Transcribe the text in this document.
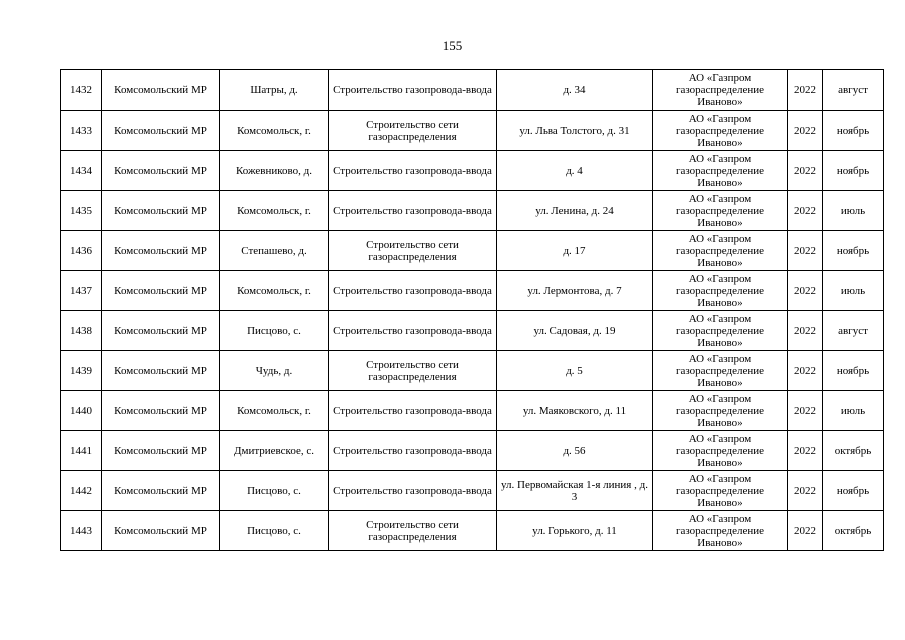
155
1432	Комсомольский МР	Шатры, д.	Строительство газопровода-ввода	д. 34	АО «Газпром газораспределение Иваново»	2022	август
1433	Комсомольский МР	Комсомольск, г.	Строительство сети газораспределения	ул. Льва Толстого, д. 31	АО «Газпром газораспределение Иваново»	2022	ноябрь
1434	Комсомольский МР	Кожевниково, д.	Строительство газопровода-ввода	д. 4	АО «Газпром газораспределение Иваново»	2022	ноябрь
1435	Комсомольский МР	Комсомольск, г.	Строительство газопровода-ввода	ул. Ленина, д. 24	АО «Газпром газораспределение Иваново»	2022	июль
1436	Комсомольский МР	Степашево, д.	Строительство сети газораспределения	д. 17	АО «Газпром газораспределение Иваново»	2022	ноябрь
1437	Комсомольский МР	Комсомольск, г.	Строительство газопровода-ввода	ул. Лермонтова, д. 7	АО «Газпром газораспределение Иваново»	2022	июль
1438	Комсомольский МР	Писцово, с.	Строительство газопровода-ввода	ул. Садовая, д. 19	АО «Газпром газораспределение Иваново»	2022	август
1439	Комсомольский МР	Чудь, д.	Строительство сети газораспределения	д. 5	АО «Газпром газораспределение Иваново»	2022	ноябрь
1440	Комсомольский МР	Комсомольск, г.	Строительство газопровода-ввода	ул. Маяковского, д. 11	АО «Газпром газораспределение Иваново»	2022	июль
1441	Комсомольский МР	Дмитриевское, с.	Строительство газопровода-ввода	д. 56	АО «Газпром газораспределение Иваново»	2022	октябрь
1442	Комсомольский МР	Писцово, с.	Строительство газопровода-ввода	ул. Первомайская 1-я линия , д. 3	АО «Газпром газораспределение Иваново»	2022	ноябрь
1443	Комсомольский МР	Писцово, с.	Строительство сети газораспределения	ул. Горького, д. 11	АО «Газпром газораспределение Иваново»	2022	октябрь
